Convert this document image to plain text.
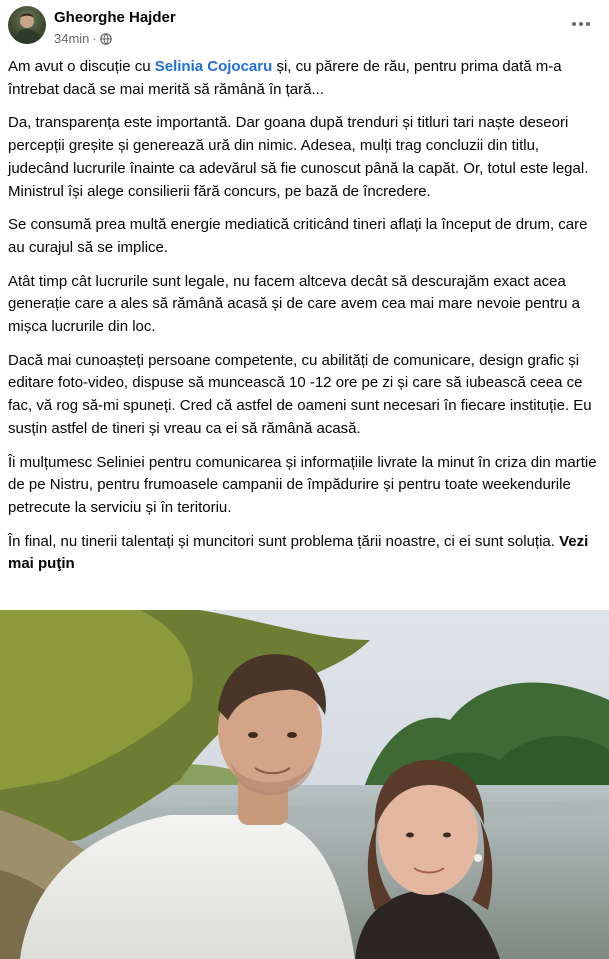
Gheorghe Hajder
34min ·

Am avut o discuție cu Selinia Cojocaru și, cu părere de rău, pentru prima dată m-a întrebat dacă se mai merită să rămână în țară...

Da, transparența este importantă. Dar goana după trenduri și titluri tari naște deseori percepții greșite și generează ură din nimic. Adesea, mulți trag concluzii din titlu, judecând lucrurile înainte ca adevărul să fie cunoscut până la capăt. Or, totul este legal. Ministrul își alege consilierii fără concurs, pe bază de încredere.

Se consumă prea multă energie mediatică criticând tineri aflați la început de drum, care au curajul să se implice.

Atât timp cât lucrurile sunt legale, nu facem altceva decât să descurajăm exact acea generație care a ales să rămână acasă și de care avem cea mai mare nevoie pentru a mișca lucrurile din loc.

Dacă mai cunoașteți persoane competente, cu abilități de comunicare, design grafic și editare foto-video, dispuse să muncească 10 -12 ore pe zi și care să iubească ceea ce fac, vă rog să-mi spuneți. Cred că astfel de oameni sunt necesari în fiecare instituție. Eu susțin astfel de tineri și vreau ca ei să rămână acasă.

Îi mulțumesc Seliniei pentru comunicarea și informațiile livrate la minut în criza din martie de pe Nistru, pentru frumoasele campanii de împădurire și pentru toate weekendurile petrecute la serviciu și în teritoriu.

În final, nu tinerii talentați și muncitori sunt problema țării noastre, ci ei sunt soluția. Vezi mai puţin
